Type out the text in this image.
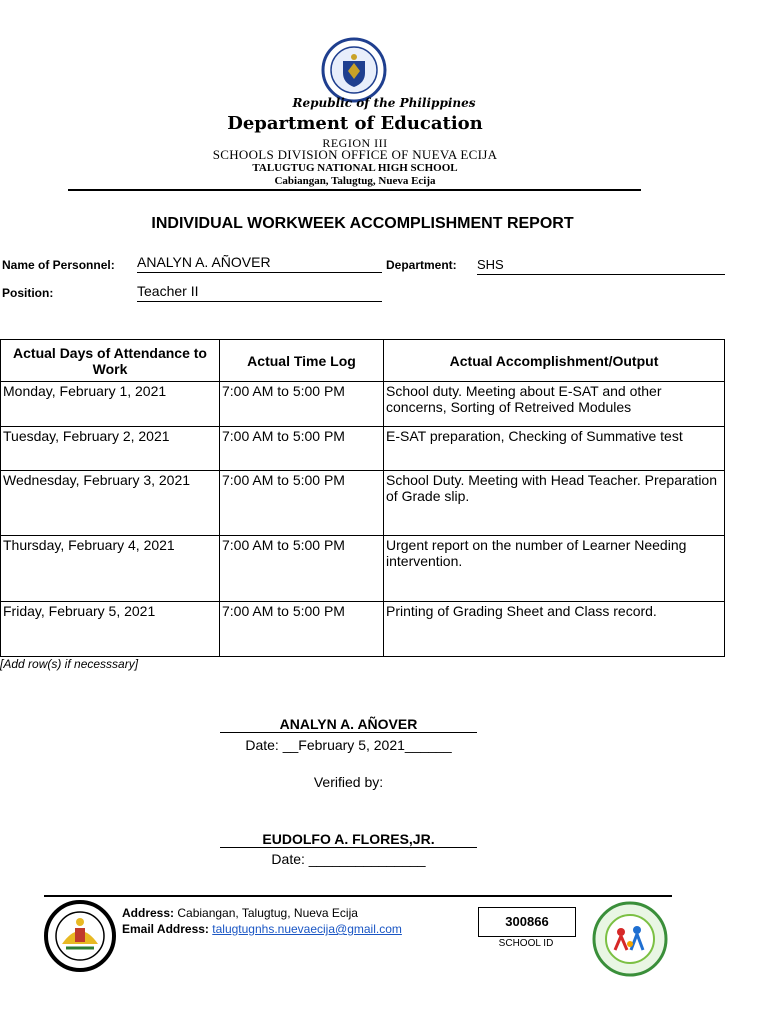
Republic of the Philippines
Department of Education
REGION III
SCHOOLS DIVISION OFFICE OF NUEVA ECIJA
TALUGTUG NATIONAL HIGH SCHOOL
Cabiangan, Talugtug, Nueva Ecija
INDIVIDUAL WORKWEEK ACCOMPLISHMENT REPORT
Name of Personnel: ANALYN A. AÑOVER	Department: SHS
Position:	Teacher II
Actual Days of Attendance to Work	Actual Time Log	Actual Accomplishment/Output
Monday, February 1, 2021	7:00 AM to 5:00 PM	School duty. Meeting about E-SAT and other concerns, Sorting of Retreived Modules
Tuesday, February 2, 2021	7:00 AM to 5:00 PM	E-SAT preparation, Checking of Summative test
Wednesday, February 3, 2021	7:00 AM to 5:00 PM	School Duty. Meeting with Head Teacher. Preparation of Grade slip.
Thursday, February 4, 2021	7:00 AM to 5:00 PM	Urgent report on the number of Learner Needing intervention.
Friday, February 5, 2021	7:00 AM to 5:00 PM	Printing of Grading Sheet and Class record.
[Add row(s) if necesssary]
ANALYN A. AÑOVER
Date: __February 5, 2021______
Verified by:
EUDOLFO A. FLORES,JR.
Date: _______________
Address: Cabiangan, Talugtug, Nueva Ecija
Email Address: talugtugnhs.nuevaecija@gmail.com	300866
SCHOOL ID
